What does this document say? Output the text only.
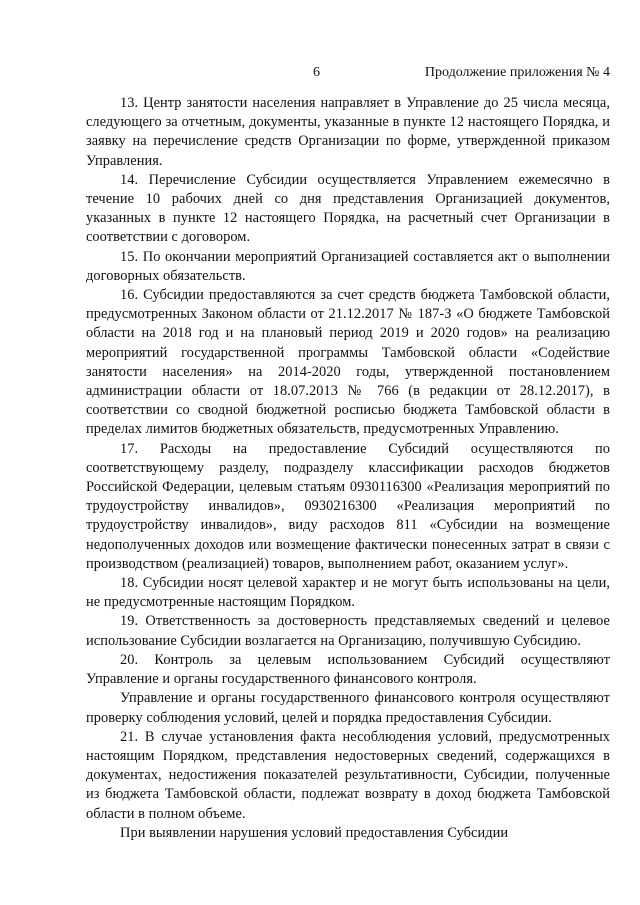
6	Продолжение приложения № 4

13. Центр занятости населения направляет в Управление до 25 числа месяца, следующего за отчетным, документы, указанные в пункте 12 настоящего Порядка, и заявку на перечисление средств Организации по форме, утвержденной приказом Управления.

14. Перечисление Субсидии осуществляется Управлением ежемесячно в течение 10 рабочих дней со дня представления Организацией документов, указанных в пункте 12 настоящего Порядка, на расчетный счет Организации в соответствии с договором.

15. По окончании мероприятий Организацией составляется акт о выполнении договорных обязательств.

16. Субсидии предоставляются за счет средств бюджета Тамбовской области, предусмотренных Законом области от 21.12.2017 № 187-З «О бюджете Тамбовской области на 2018 год и на плановый период 2019 и 2020 годов» на реализацию мероприятий государственной программы Тамбовской области «Содействие занятости населения» на 2014-2020 годы, утвержденной постановлением администрации области от 18.07.2013 № 766 (в редакции от 28.12.2017), в соответствии со сводной бюджетной росписью бюджета Тамбовской области в пределах лимитов бюджетных обязательств, предусмотренных Управлению.

17. Расходы на предоставление Субсидий осуществляются по соответствующему разделу, подразделу классификации расходов бюджетов Российской Федерации, целевым статьям 0930116300 «Реализация мероприятий по трудоустройству инвалидов», 0930216300 «Реализация мероприятий по трудоустройству инвалидов», виду расходов 811 «Субсидии на возмещение недополученных доходов или возмещение фактически понесенных затрат в связи с производством (реализацией) товаров, выполнением работ, оказанием услуг».

18. Субсидии носят целевой характер и не могут быть использованы на цели, не предусмотренные настоящим Порядком.

19. Ответственность за достоверность представляемых сведений и целевое использование Субсидии возлагается на Организацию, получившую Субсидию.

20. Контроль за целевым использованием Субсидий осуществляют Управление и органы государственного финансового контроля.

Управление и органы государственного финансового контроля осуществляют проверку соблюдения условий, целей и порядка предоставления Субсидии.

21. В случае установления факта несоблюдения условий, предусмотренных настоящим Порядком, представления недостоверных сведений, содержащихся в документах, недостижения показателей результативности, Субсидии, полученные из бюджета Тамбовской области, подлежат возврату в доход бюджета Тамбовской области в полном объеме.

При выявлении нарушения условий предоставления Субсидии
